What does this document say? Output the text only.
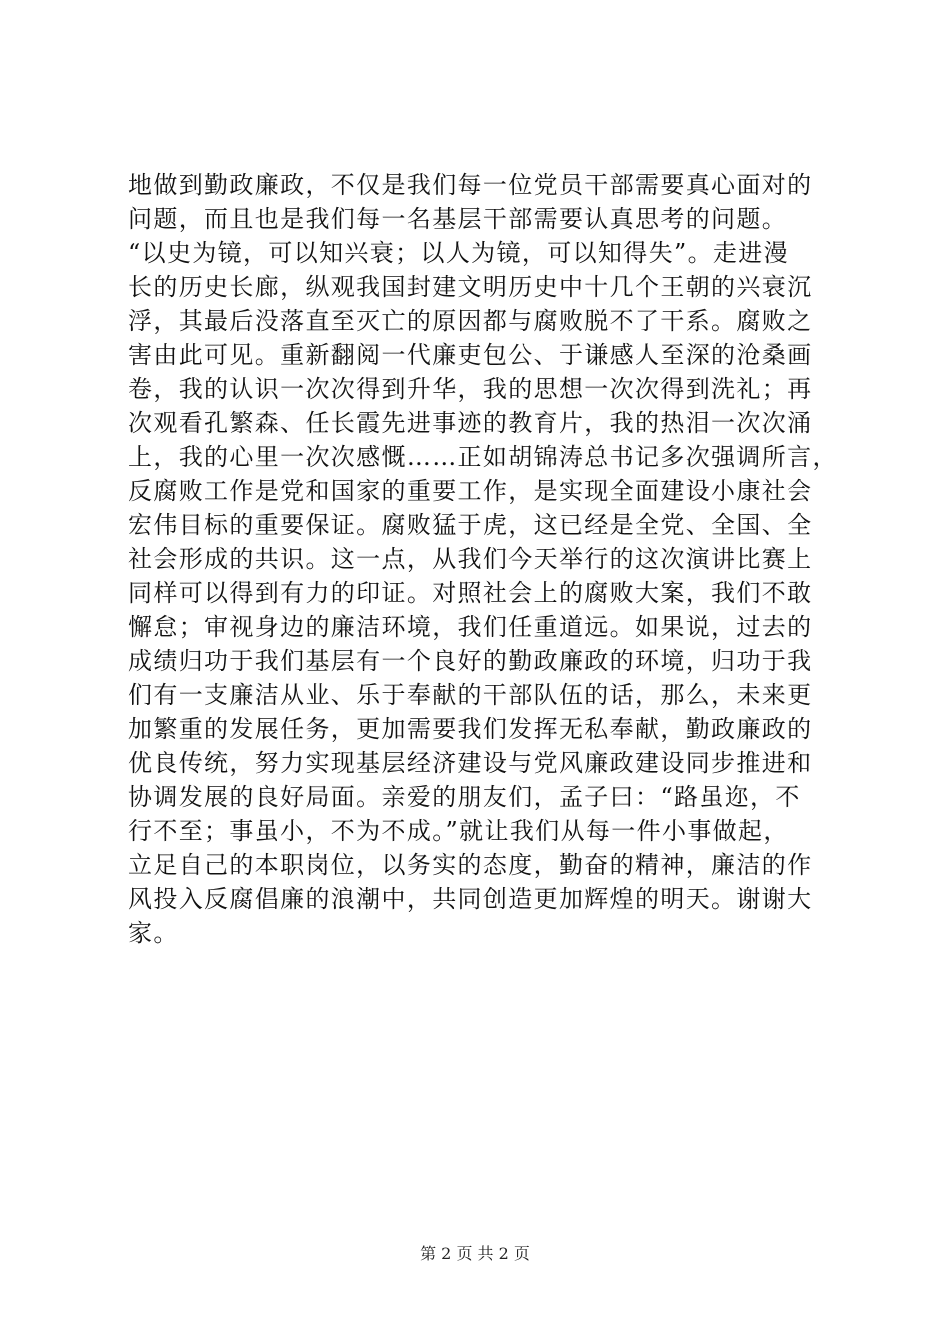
地做到勤政廉政，不仅是我们每一位党员干部需要真心面对的
问题，而且也是我们每一名基层干部需要认真思考的问题。
“以史为镜，可以知兴衰；以人为镜，可以知得失”。走进漫
长的历史长廊，纵观我国封建文明历史中十几个王朝的兴衰沉
浮，其最后没落直至灭亡的原因都与腐败脱不了干系。腐败之
害由此可见。重新翻阅一代廉吏包公、于谦感人至深的沧桑画
卷，我的认识一次次得到升华，我的思想一次次得到洗礼；再
次观看孔繁森、任长霞先进事迹的教育片，我的热泪一次次涌
上，我的心里一次次感慨……正如胡锦涛总书记多次强调所言，
反腐败工作是党和国家的重要工作，是实现全面建设小康社会
宏伟目标的重要保证。腐败猛于虎，这已经是全党、全国、全
社会形成的共识。这一点，从我们今天举行的这次演讲比赛上
同样可以得到有力的印证。对照社会上的腐败大案，我们不敢
懈怠；审视身边的廉洁环境，我们任重道远。如果说，过去的
成绩归功于我们基层有一个良好的勤政廉政的环境，归功于我
们有一支廉洁从业、乐于奉献的干部队伍的话，那么，未来更
加繁重的发展任务，更加需要我们发挥无私奉献，勤政廉政的
优良传统，努力实现基层经济建设与党风廉政建设同步推进和
协调发展的良好局面。亲爱的朋友们，孟子曰：“路虽迩，不
行不至；事虽小，不为不成。”就让我们从每一件小事做起，
立足自己的本职岗位，以务实的态度，勤奋的精神，廉洁的作
风投入反腐倡廉的浪潮中，共同创造更加辉煌的明天。谢谢大
家。
第 2 页 共 2 页
